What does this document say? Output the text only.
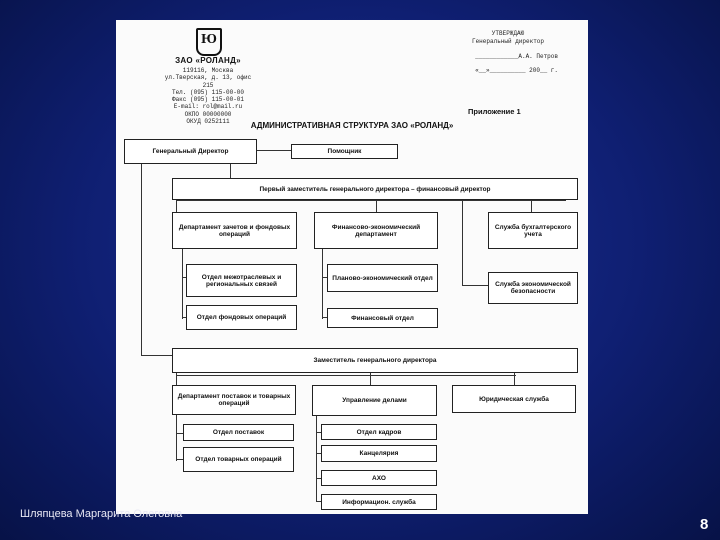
Ю
ЗАО «РОЛАНД»
119116, Москва
ул.Тверская, д. 13, офис 215
Тел. (095) 115-00-00
Факс (095) 115-00-01
E-mail: rol@mail.ru
ОКПО 00000000
ОКУД 0252111
УТВЕРЖДАЮ
Генеральный директор
____________А.А. Петров
«__»__________ 200__ г.
Приложение 1
АДМИНИСТРАТИВНАЯ СТРУКТУРА ЗАО «РОЛАНД»
Генеральный Директор	Помощник
Первый заместитель генерального директора – финансовый директор
Департамент зачетов и фондовых операций
Финансово-экономический департамент
Служба бухгалтерского учета
Отдел межотраслевых и региональных связей
Планово-экономический отдел
Служба экономической безопасности
Отдел фондовых операций	Финансовый отдел
Заместитель генерального директора
Департамент поставок и товарных операций	Управление делами	Юридическая служба
Отдел поставок	Отдел кадров
Отдел товарных операций
Канцелярия
АХО
Информацион. служба
Шляпцева Маргарита Олеговна
8
